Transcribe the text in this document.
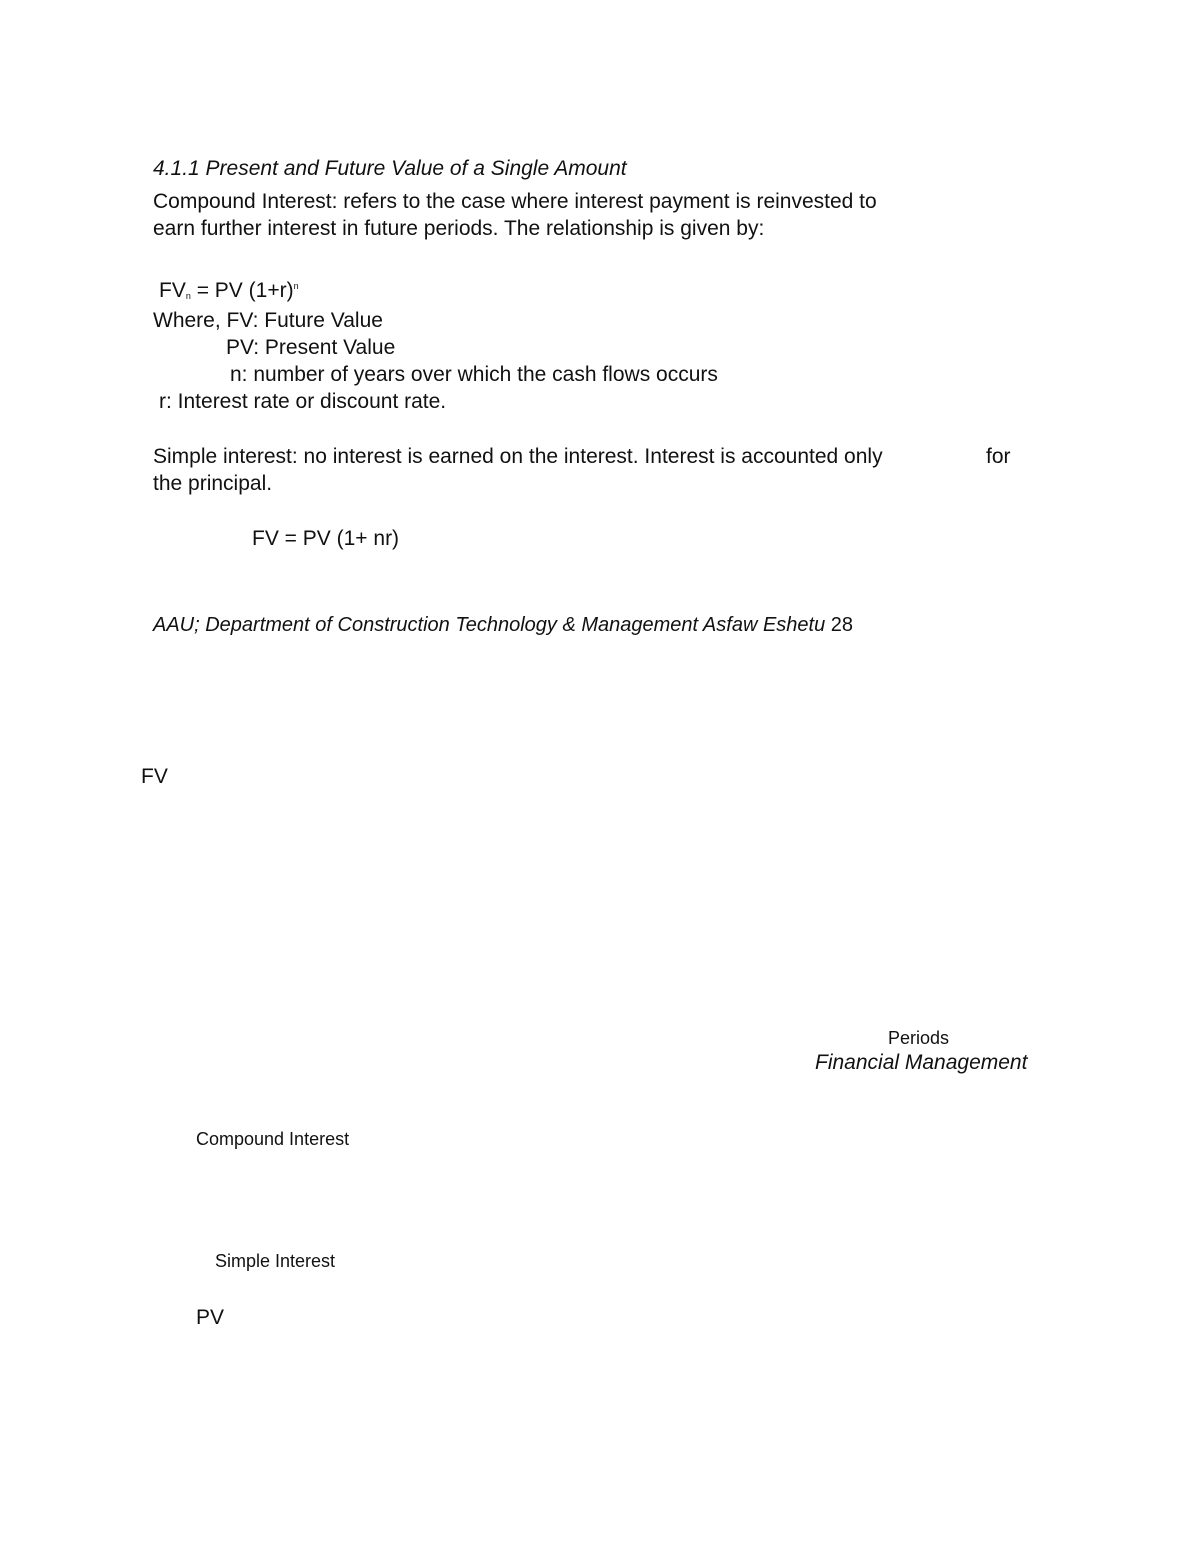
4.1.1 Present and Future Value of a Single Amount

Compound Interest: refers to the case where interest payment is reinvested to

earn further interest in future periods. The relationship is given by:

$FV_n$ = PV $(1+r)^n$

Where, FV: Future Value

PV: Present Value

n: number of years over which the cash flows occurs

r: Interest rate or discount rate.

Simple interest: no interest is earned on the interest. Interest is accounted only	for

the principal.

FV = PV (1+ nr)

AAU; Department of Construction Technology & Management Asfaw Eshetu 28

FV

Periods

Financial Management

Compound Interest

Simple Interest

PV
